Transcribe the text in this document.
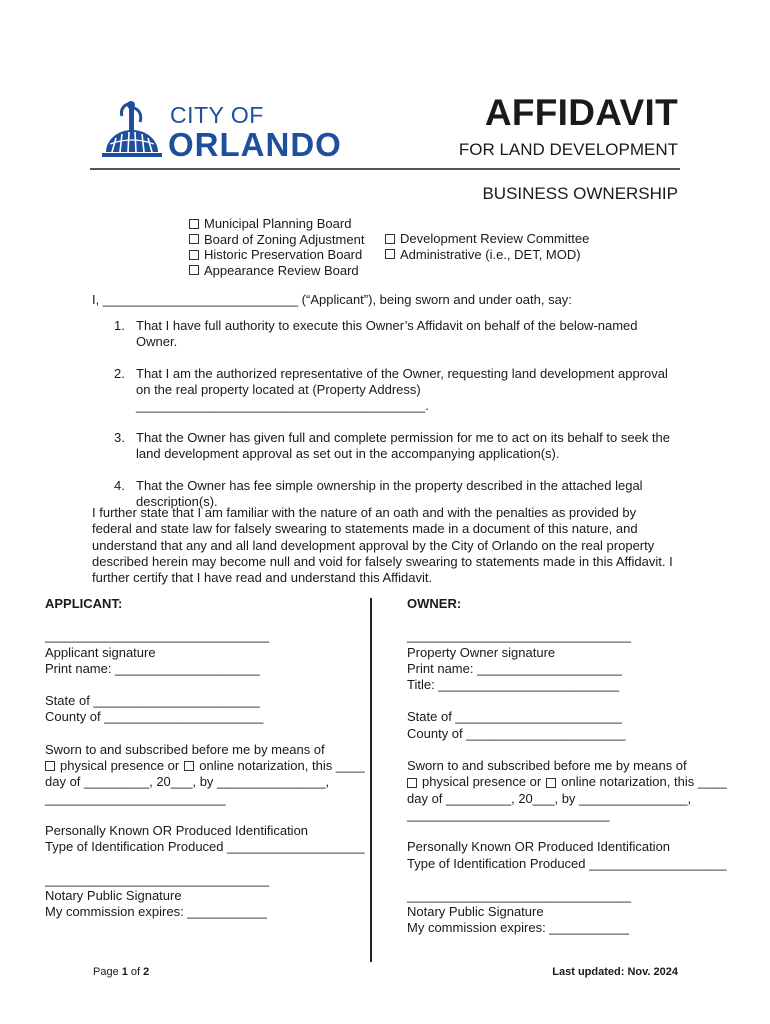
CITY OF
ORLANDO
AFFIDAVIT
FOR LAND DEVELOPMENT
BUSINESS OWNERSHIP
Municipal Planning Board
Board of Zoning Adjustment
Historic Preservation Board
Appearance Review Board
Development Review Committee
Administrative (i.e., DET, MOD)
I, ___________________________ (“Applicant”), being sworn and under oath, say:
1. That I have full authority to execute this Owner’s Affidavit on behalf of the below-named Owner.
2. That I am the authorized representative of the Owner, requesting land development approval on the real property located at (Property Address) ________________________________________.
3. That the Owner has given full and complete permission for me to act on its behalf to seek the land development approval as set out in the accompanying application(s).
4. That the Owner has fee simple ownership in the property described in the attached legal description(s).
I further state that I am familiar with the nature of an oath and with the penalties as provided by federal and state law for falsely swearing to statements made in a document of this nature, and understand that any and all land development approval by the City of Orlando on the real property described herein may become null and void for falsely swearing to statements made in this Affidavit. I further certify that I have read and understand this Affidavit.
APPLICANT:
_______________________________
Applicant signature
Print name: ____________________
State of _______________________
County of ______________________
Sworn to and subscribed before me by means of
physical presence or online notarization, this ____
day of _________, 20___, by _______________,
_________________________
Personally Known OR Produced Identification
Type of Identification Produced ___________________
_______________________________
Notary Public Signature
My commission expires: ___________
OWNER:
_______________________________
Property Owner signature
Print name: ____________________
Title: _________________________
State of _______________________
County of ______________________
Sworn to and subscribed before me by means of
physical presence or online notarization, this ____
day of _________, 20___, by _______________,
____________________________
Personally Known OR Produced Identification
Type of Identification Produced ___________________
_______________________________
Notary Public Signature
My commission expires: ___________
Page 1 of 2	Last updated: Nov. 2024
